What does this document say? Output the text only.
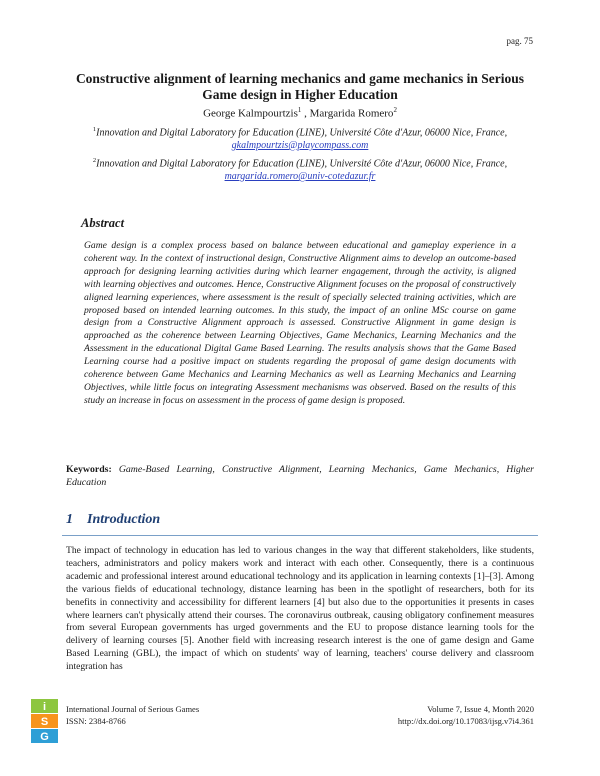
pag. 75
Constructive alignment of learning mechanics and game mechanics in Serious Game design in Higher Education
George Kalmpourtzis$^1$ , Margarida Romero$^2$
$^1$Innovation and Digital Laboratory for Education (LINE), Université Côte d'Azur, 06000 Nice, France,
gkalmpourtzis@playcompass.com
$^2$Innovation and Digital Laboratory for Education (LINE), Université Côte d'Azur, 06000 Nice, France,
margarida.romero@univ-cotedazur.fr
Abstract

Game design is a complex process based on balance between educational and gameplay experience in a coherent way. In the context of instructional design, Constructive Alignment aims to develop an outcome-based approach for designing learning activities during which learner engagement, through the activity, is aligned with learning objectives and outcomes. Hence, Constructive Alignment focuses on the proposal of constructively aligned learning experiences, where assessment is the result of specially selected training activities, which are proposed based on intended learning outcomes. In this study, the impact of an online MSc course on game design from a Constructive Alignment approach is assessed. Constructive Alignment in game design is approached as the coherence between Learning Objectives, Game Mechanics, Learning Mechanics and the Assessment in the educational Digital Game Based Learning. The results analysis shows that the Game Based Learning course had a positive impact on students regarding the proposal of game design documents with coherence between Game Mechanics and Learning Mechanics as well as Learning Mechanics and Learning Objectives, while little focus on integrating Assessment mechanisms was observed. Based on the results of this study an increase in focus on assessment in the process of game design is proposed.

Keywords: Game-Based Learning, Constructive Alignment, Learning Mechanics, Game Mechanics, Higher Education

1 Introduction

The impact of technology in education has led to various changes in the way that different stakeholders, like students, teachers, administrators and policy makers work and interact with each other. Consequently, there is a continuous academic and professional interest around educational technology and its application in learning contexts [1]–[3]. Among the various fields of educational technology, distance learning has been in the spotlight of researchers, both for its benefits in connectivity and accessibility for different learners [4] but also due to the opportunities it presents in cases where learners can't physically attend their courses. The coronavirus outbreak, causing obligatory confinement measures from several European governments has urged governments and the EU to propose distance learning tools for the delivery of learning courses [5]. Another field with increasing research interest is the one of game design and Game Based Learning (GBL), the impact of which on students' way of learning, teachers' course delivery and classroom integration has

i
S
G
International Journal of Serious Games
ISSN: 2384-8766
Volume 7, Issue 4, Month 2020
http://dx.doi.org/10.17083/ijsg.v7i4.361
